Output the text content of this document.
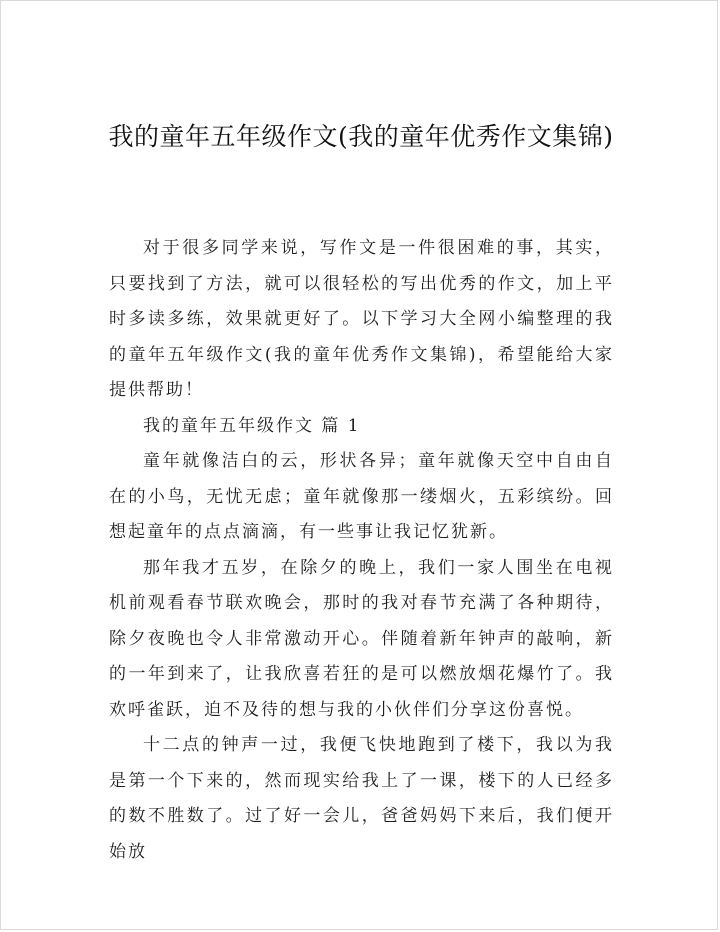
我的童年五年级作文(我的童年优秀作文集锦)

对于很多同学来说，写作文是一件很困难的事，其实，只要找到了方法，就可以很轻松的写出优秀的作文，加上平时多读多练，效果就更好了。以下学习大全网小编整理的我的童年五年级作文(我的童年优秀作文集锦)，希望能给大家提供帮助！

我的童年五年级作文 篇 1

童年就像洁白的云，形状各异；童年就像天空中自由自在的小鸟，无忧无虑；童年就像那一缕烟火，五彩缤纷。回想起童年的点点滴滴，有一些事让我记忆犹新。

那年我才五岁，在除夕的晚上，我们一家人围坐在电视机前观看春节联欢晚会，那时的我对春节充满了各种期待，除夕夜晚也令人非常激动开心。伴随着新年钟声的敲响，新的一年到来了，让我欣喜若狂的是可以燃放烟花爆竹了。我欢呼雀跃，迫不及待的想与我的小伙伴们分享这份喜悦。

十二点的钟声一过，我便飞快地跑到了楼下，我以为我是第一个下来的，然而现实给我上了一课，楼下的人已经多的数不胜数了。过了好一会儿，爸爸妈妈下来后，我们便开始放
